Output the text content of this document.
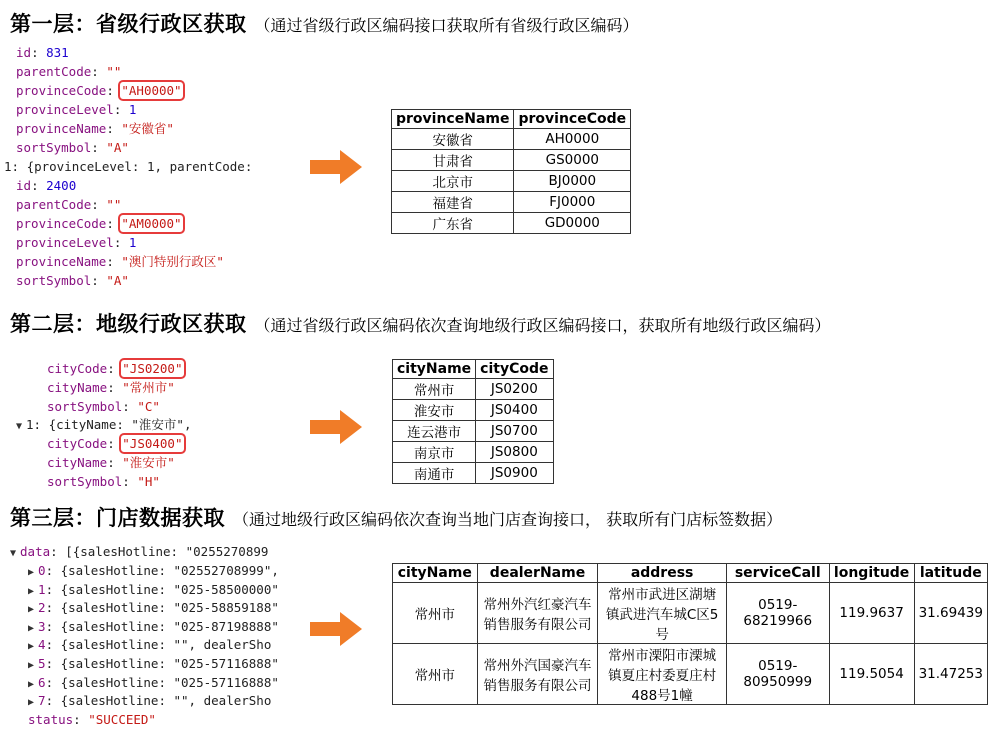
第一层：省级行政区获取 （通过省级行政区编码接口获取所有省级行政区编码）
第二层：地级行政区获取 （通过省级行政区编码依次查询地级行政区编码接口，获取所有地级行政区编码）
第三层：门店数据获取 （通过地级行政区编码依次查询当地门店查询接口， 获取所有门店标签数据）
id: 831
parentCode: ""
provinceCode: "AH0000"
provinceLevel: 1
provinceName: "安徽省"
sortSymbol: "A"
1: {provinceLevel: 1, parentCode:
id: 2400
parentCode: ""
provinceCode: "AM0000"
provinceLevel: 1
provinceName: "澳门特别行政区"
sortSymbol: "A"
cityCode: "JS0200"
cityName: "常州市"
sortSymbol: "C"
▼ 1: {cityName: "淮安市",
cityCode: "JS0400"
cityName: "淮安市"
sortSymbol: "H"
▼ data: [{salesHotline: "0255270899
▶ 0: {salesHotline: "02552708999",
▶ 1: {salesHotline: "025-58500000"
▶ 2: {salesHotline: "025-58859188"
▶ 3: {salesHotline: "025-87198888"
▶ 4: {salesHotline: "", dealerSho
▶ 5: {salesHotline: "025-57116888"
▶ 6: {salesHotline: "025-57116888"
▶ 7: {salesHotline: "", dealerSho
status: "SUCCEED"
provinceName	provinceCode
安徽省	AH0000
甘肃省	GS0000
北京市	BJ0000
福建省	FJ0000
广东省	GD0000
cityName	cityCode
常州市	JS0200
淮安市	JS0400
连云港市	JS0700
南京市	JS0800
南通市	JS0900
cityName	dealerName	address	serviceCall	longitude	latitude
常州市	常州外汽红豪汽车销售服务有限公司	常州市武进区湖塘镇武进汽车城C区5号	0519-68219966	119.9637	31.69439
常州市	常州外汽国豪汽车销售服务有限公司	常州市溧阳市溧城镇夏庄村委夏庄村488号1幢	0519-80950999	119.5054	31.47253
